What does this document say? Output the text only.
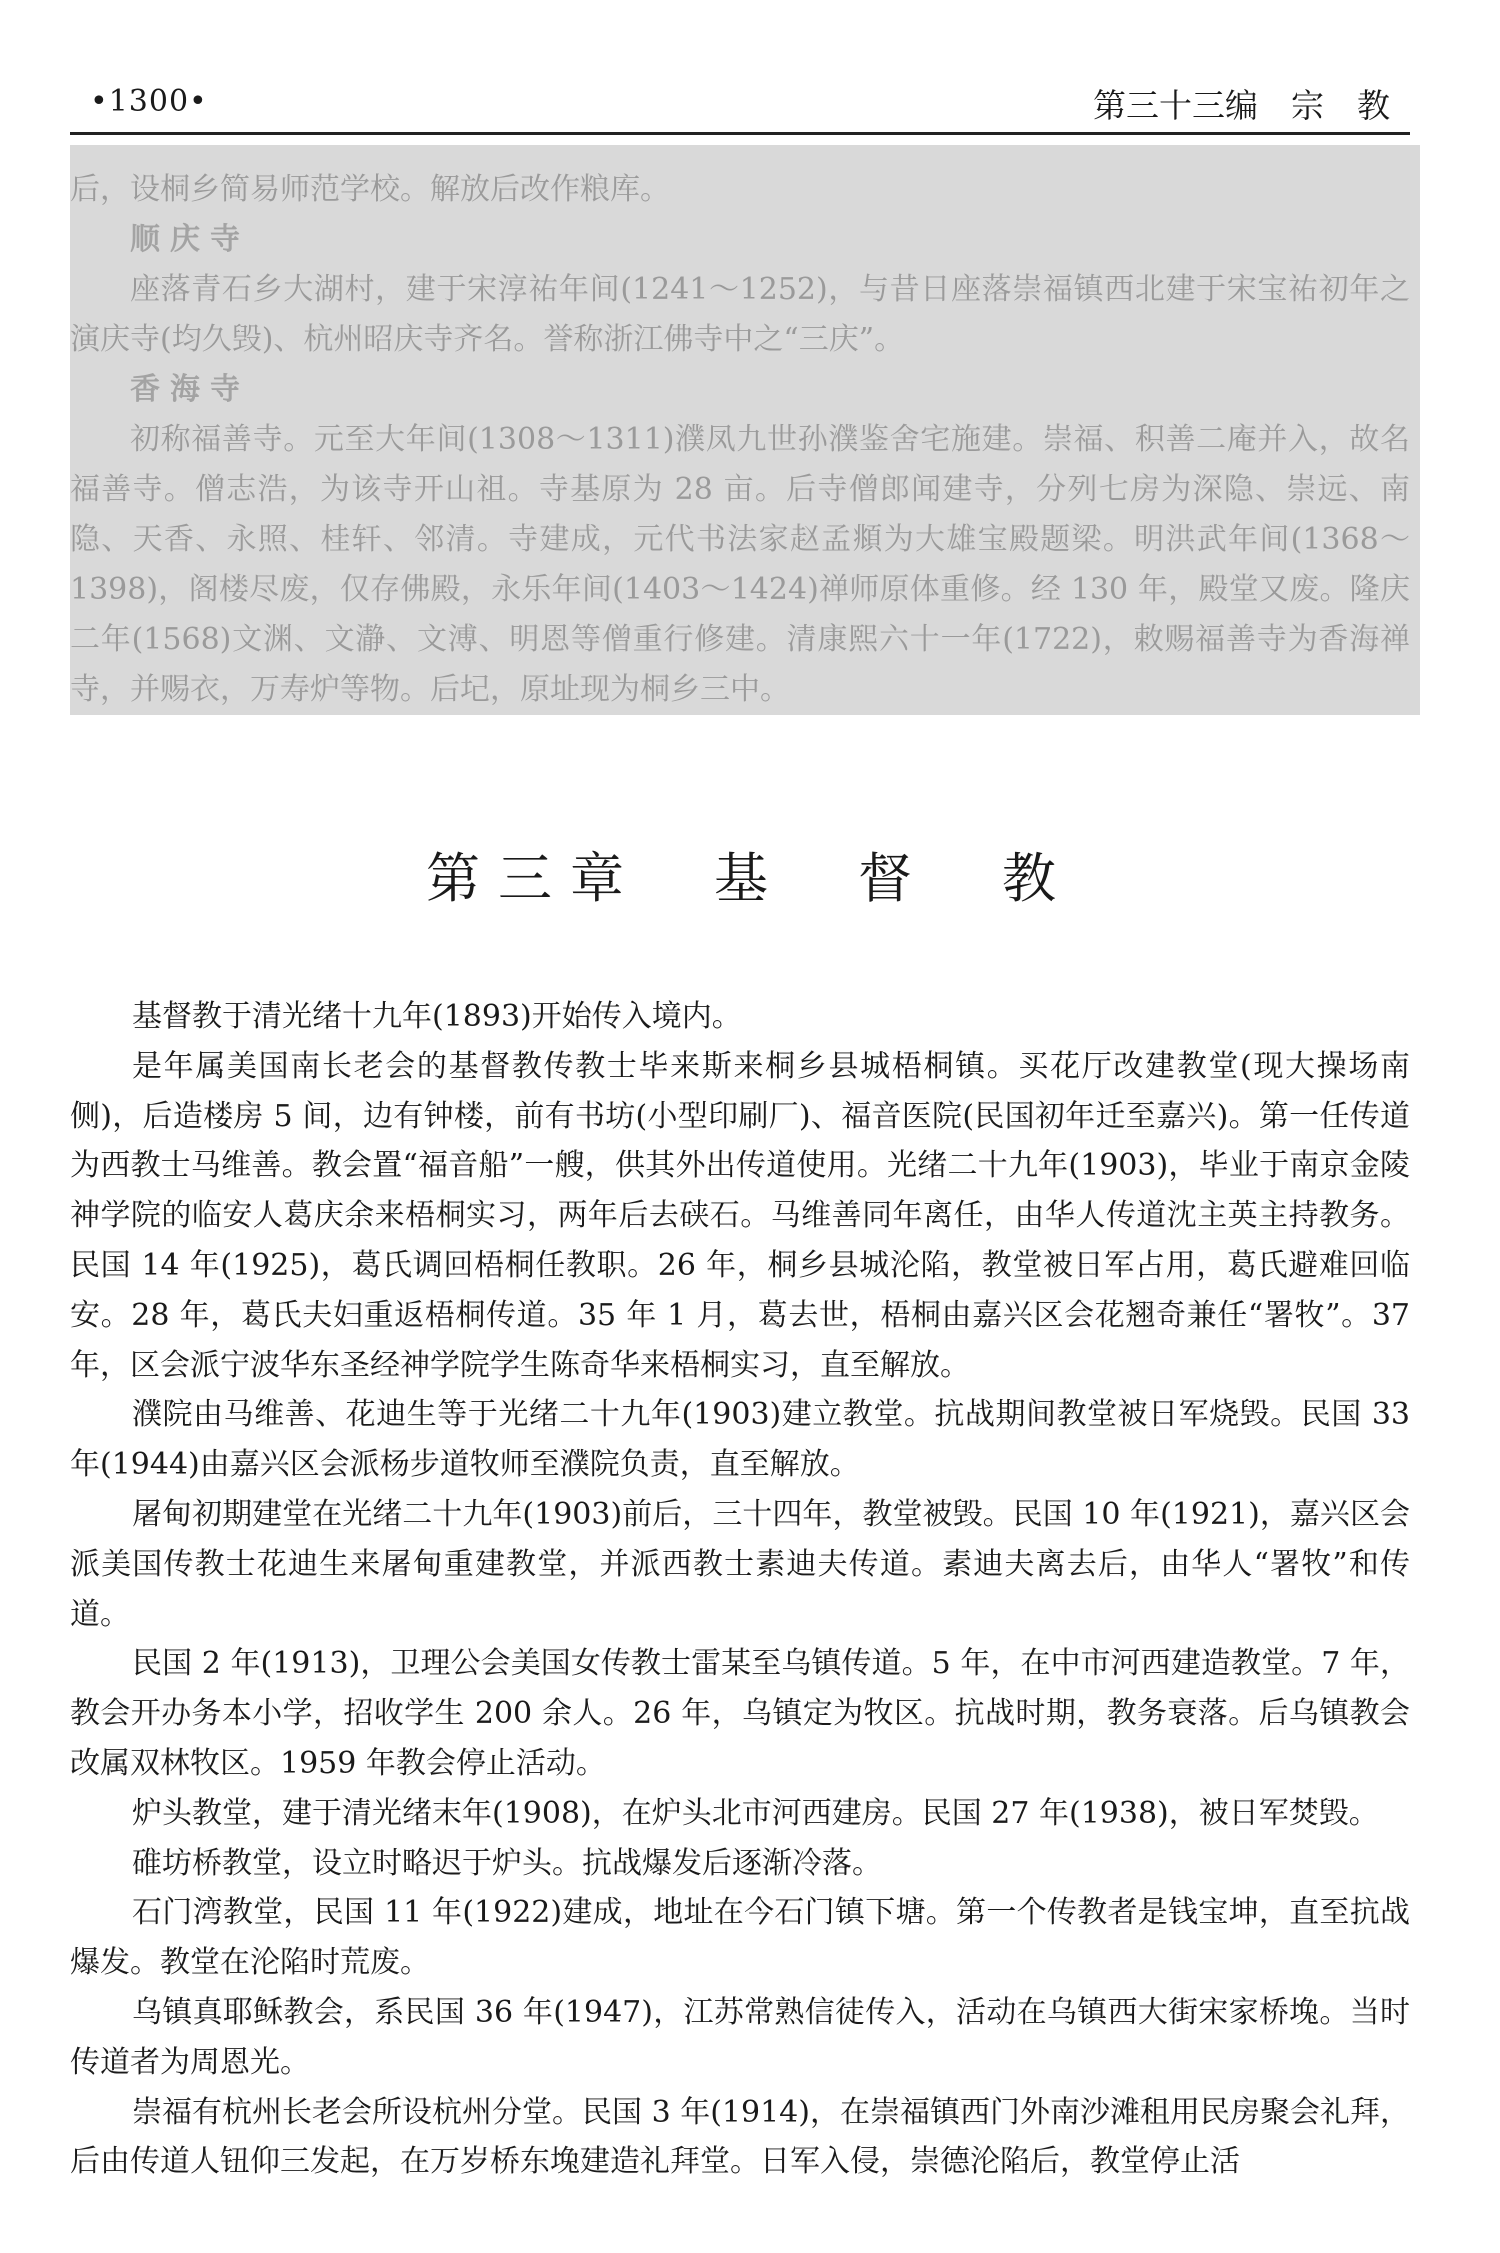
•1300•	第三十三编　宗　教

后，设桐乡简易师范学校。解放后改作粮库。

顺庆寺

座落青石乡大湖村，建于宋淳祐年间(1241～1252)，与昔日座落崇福镇西北建于宋宝祐初年之演庆寺(均久毁)、杭州昭庆寺齐名。誉称浙江佛寺中之“三庆”。

香海寺

初称福善寺。元至大年间(1308～1311)濮凤九世孙濮鉴舍宅施建。崇福、积善二庵并入，故名福善寺。僧志浩，为该寺开山祖。寺基原为 28 亩。后寺僧郎闻建寺，分列七房为深隐、崇远、南隐、天香、永照、桂轩、邻清。寺建成，元代书法家赵孟頫为大雄宝殿题梁。明洪武年间(1368～1398)，阁楼尽废，仅存佛殿，永乐年间(1403～1424)禅师原体重修。经 130 年，殿堂又废。隆庆二年(1568)文渊、文瀞、文溥、明恩等僧重行修建。清康熙六十一年(1722)，敕赐福善寺为香海禅寺，并赐衣，万寿炉等物。后圮，原址现为桐乡三中。

第三章　基　督　教

基督教于清光绪十九年(1893)开始传入境内。

是年属美国南长老会的基督教传教士毕来斯来桐乡县城梧桐镇。买花厅改建教堂(现大操场南侧)，后造楼房 5 间，边有钟楼，前有书坊(小型印刷厂)、福音医院(民国初年迁至嘉兴)。第一任传道为西教士马维善。教会置“福音船”一艘，供其外出传道使用。光绪二十九年(1903)，毕业于南京金陵神学院的临安人葛庆余来梧桐实习，两年后去硖石。马维善同年离任，由华人传道沈主英主持教务。民国 14 年(1925)，葛氏调回梧桐任教职。26 年，桐乡县城沦陷，教堂被日军占用，葛氏避难回临安。28 年，葛氏夫妇重返梧桐传道。35 年 1 月，葛去世，梧桐由嘉兴区会花翘奇兼任“署牧”。37 年，区会派宁波华东圣经神学院学生陈奇华来梧桐实习，直至解放。

濮院由马维善、花迪生等于光绪二十九年(1903)建立教堂。抗战期间教堂被日军烧毁。民国 33 年(1944)由嘉兴区会派杨步道牧师至濮院负责，直至解放。

屠甸初期建堂在光绪二十九年(1903)前后，三十四年，教堂被毁。民国 10 年(1921)，嘉兴区会派美国传教士花迪生来屠甸重建教堂，并派西教士素迪夫传道。素迪夫离去后，由华人“署牧”和传道。

民国 2 年(1913)，卫理公会美国女传教士雷某至乌镇传道。5 年，在中市河西建造教堂。7 年，教会开办务本小学，招收学生 200 余人。26 年，乌镇定为牧区。抗战时期，教务衰落。后乌镇教会改属双林牧区。1959 年教会停止活动。

炉头教堂，建于清光绪末年(1908)，在炉头北市河西建房。民国 27 年(1938)，被日军焚毁。

碓坊桥教堂，设立时略迟于炉头。抗战爆发后逐渐冷落。

石门湾教堂，民国 11 年(1922)建成，地址在今石门镇下塘。第一个传教者是钱宝坤，直至抗战爆发。教堂在沦陷时荒废。

乌镇真耶稣教会，系民国 36 年(1947)，江苏常熟信徒传入，活动在乌镇西大街宋家桥堍。当时传道者为周恩光。

崇福有杭州长老会所设杭州分堂。民国 3 年(1914)，在崇福镇西门外南沙滩租用民房聚会礼拜，后由传道人钮仰三发起，在万岁桥东堍建造礼拜堂。日军入侵，崇德沦陷后，教堂停止活
